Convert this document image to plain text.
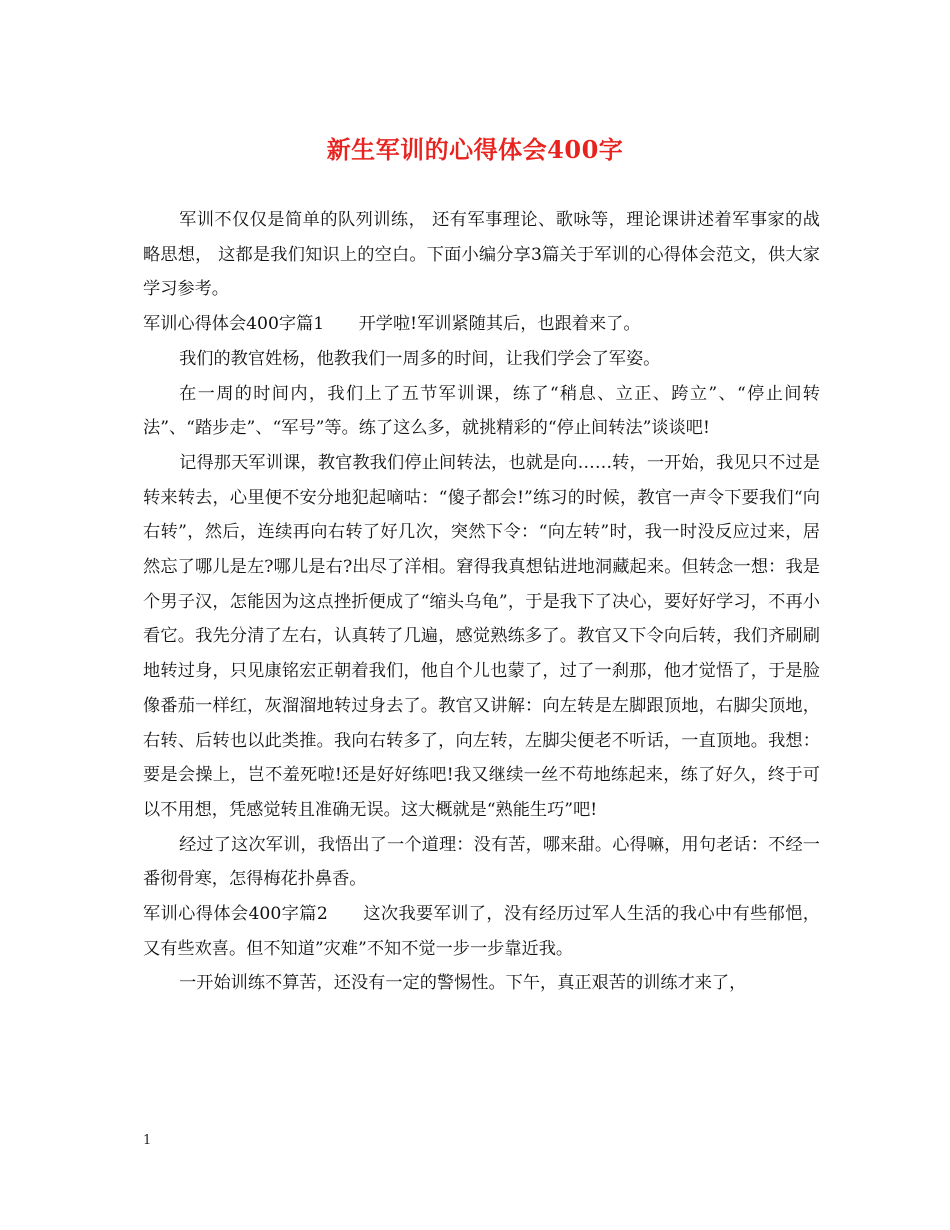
新生军训的心得体会400字

军训不仅仅是简单的队列训练， 还有军事理论、歌咏等，理论课讲述着军事家的战略思想， 这都是我们知识上的空白。下面小编分享3篇关于军训的心得体会范文，供大家学习参考。

军训心得体会400字篇1　　开学啦!军训紧随其后，也跟着来了。

我们的教官姓杨，他教我们一周多的时间，让我们学会了军姿。

在一周的时间内，我们上了五节军训课，练了“稍息、立正、跨立”、“停止间转法”、“踏步走”、“军号”等。练了这么多，就挑精彩的“停止间转法”谈谈吧!

记得那天军训课，教官教我们停止间转法，也就是向……转，一开始，我见只不过是转来转去，心里便不安分地犯起嘀咕：“傻子都会!”练习的时候，教官一声令下要我们“向右转”，然后，连续再向右转了好几次，突然下令：“向左转”时，我一时没反应过来，居然忘了哪儿是左?哪儿是右?出尽了洋相。窘得我真想钻进地洞藏起来。但转念一想：我是个男子汉，怎能因为这点挫折便成了“缩头乌龟”，于是我下了决心，要好好学习，不再小看它。我先分清了左右，认真转了几遍，感觉熟练多了。教官又下令向后转，我们齐刷刷地转过身，只见康铭宏正朝着我们，他自个儿也蒙了，过了一刹那，他才觉悟了，于是脸像番茄一样红，灰溜溜地转过身去了。教官又讲解：向左转是左脚跟顶地，右脚尖顶地，右转、后转也以此类推。我向右转多了，向左转，左脚尖便老不听话，一直顶地。我想：要是会操上，岂不羞死啦!还是好好练吧!我又继续一丝不苟地练起来，练了好久，终于可以不用想，凭感觉转且准确无误。这大概就是“熟能生巧”吧!

经过了这次军训，我悟出了一个道理：没有苦，哪来甜。心得嘛，用句老话：不经一番彻骨寒，怎得梅花扑鼻香。

军训心得体会400字篇2　　这次我要军训了，没有经历过军人生活的我心中有些郁悒，又有些欢喜。但不知道”灾难”不知不觉一步一步靠近我。

一开始训练不算苦，还没有一定的警惕性。下午，真正艰苦的训练才来了，

1
